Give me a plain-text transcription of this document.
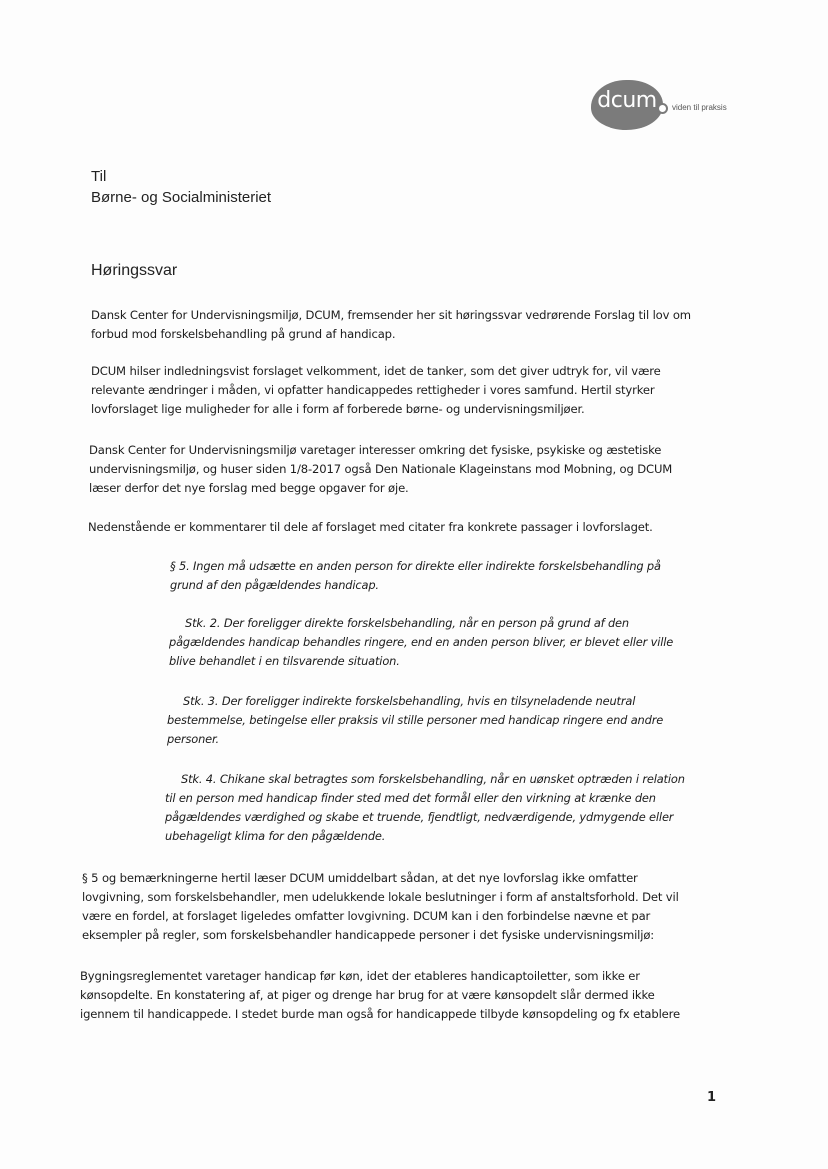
dcum viden til praksis
Til
Børne- og Socialministeriet
Høringssvar
Dansk Center for Undervisningsmiljø, DCUM, fremsender her sit høringssvar vedrørende Forslag til lov om
forbud mod forskelsbehandling på grund af handicap.
DCUM hilser indledningsvist forslaget velkomment, idet de tanker, som det giver udtryk for, vil være
relevante ændringer i måden, vi opfatter handicappedes rettigheder i vores samfund. Hertil styrker
lovforslaget lige muligheder for alle i form af forberede børne- og undervisningsmiljøer.
Dansk Center for Undervisningsmiljø varetager interesser omkring det fysiske, psykiske og æstetiske
undervisningsmiljø, og huser siden 1/8-2017 også Den Nationale Klageinstans mod Mobning, og DCUM
læser derfor det nye forslag med begge opgaver for øje.
Nedenstående er kommentarer til dele af forslaget med citater fra konkrete passager i lovforslaget.
§ 5. Ingen må udsætte en anden person for direkte eller indirekte forskelsbehandling på
grund af den pågældendes handicap.
Stk. 2. Der foreligger direkte forskelsbehandling, når en person på grund af den
pågældendes handicap behandles ringere, end en anden person bliver, er blevet eller ville
blive behandlet i en tilsvarende situation.
Stk. 3. Der foreligger indirekte forskelsbehandling, hvis en tilsyneladende neutral
bestemmelse, betingelse eller praksis vil stille personer med handicap ringere end andre
personer.
Stk. 4. Chikane skal betragtes som forskelsbehandling, når en uønsket optræden i relation
til en person med handicap finder sted med det formål eller den virkning at krænke den
pågældendes værdighed og skabe et truende, fjendtligt, nedværdigende, ydmygende eller
ubehageligt klima for den pågældende.
§ 5 og bemærkningerne hertil læser DCUM umiddelbart sådan, at det nye lovforslag ikke omfatter
lovgivning, som forskelsbehandler, men udelukkende lokale beslutninger i form af anstaltsforhold. Det vil
være en fordel, at forslaget ligeledes omfatter lovgivning. DCUM kan i den forbindelse nævne et par
eksempler på regler, som forskelsbehandler handicappede personer i det fysiske undervisningsmiljø:
Bygningsreglementet varetager handicap før køn, idet der etableres handicaptoiletter, som ikke er
kønsopdelte. En konstatering af, at piger og drenge har brug for at være kønsopdelt slår dermed ikke
igennem til handicappede. I stedet burde man også for handicappede tilbyde kønsopdeling og fx etablere
1
